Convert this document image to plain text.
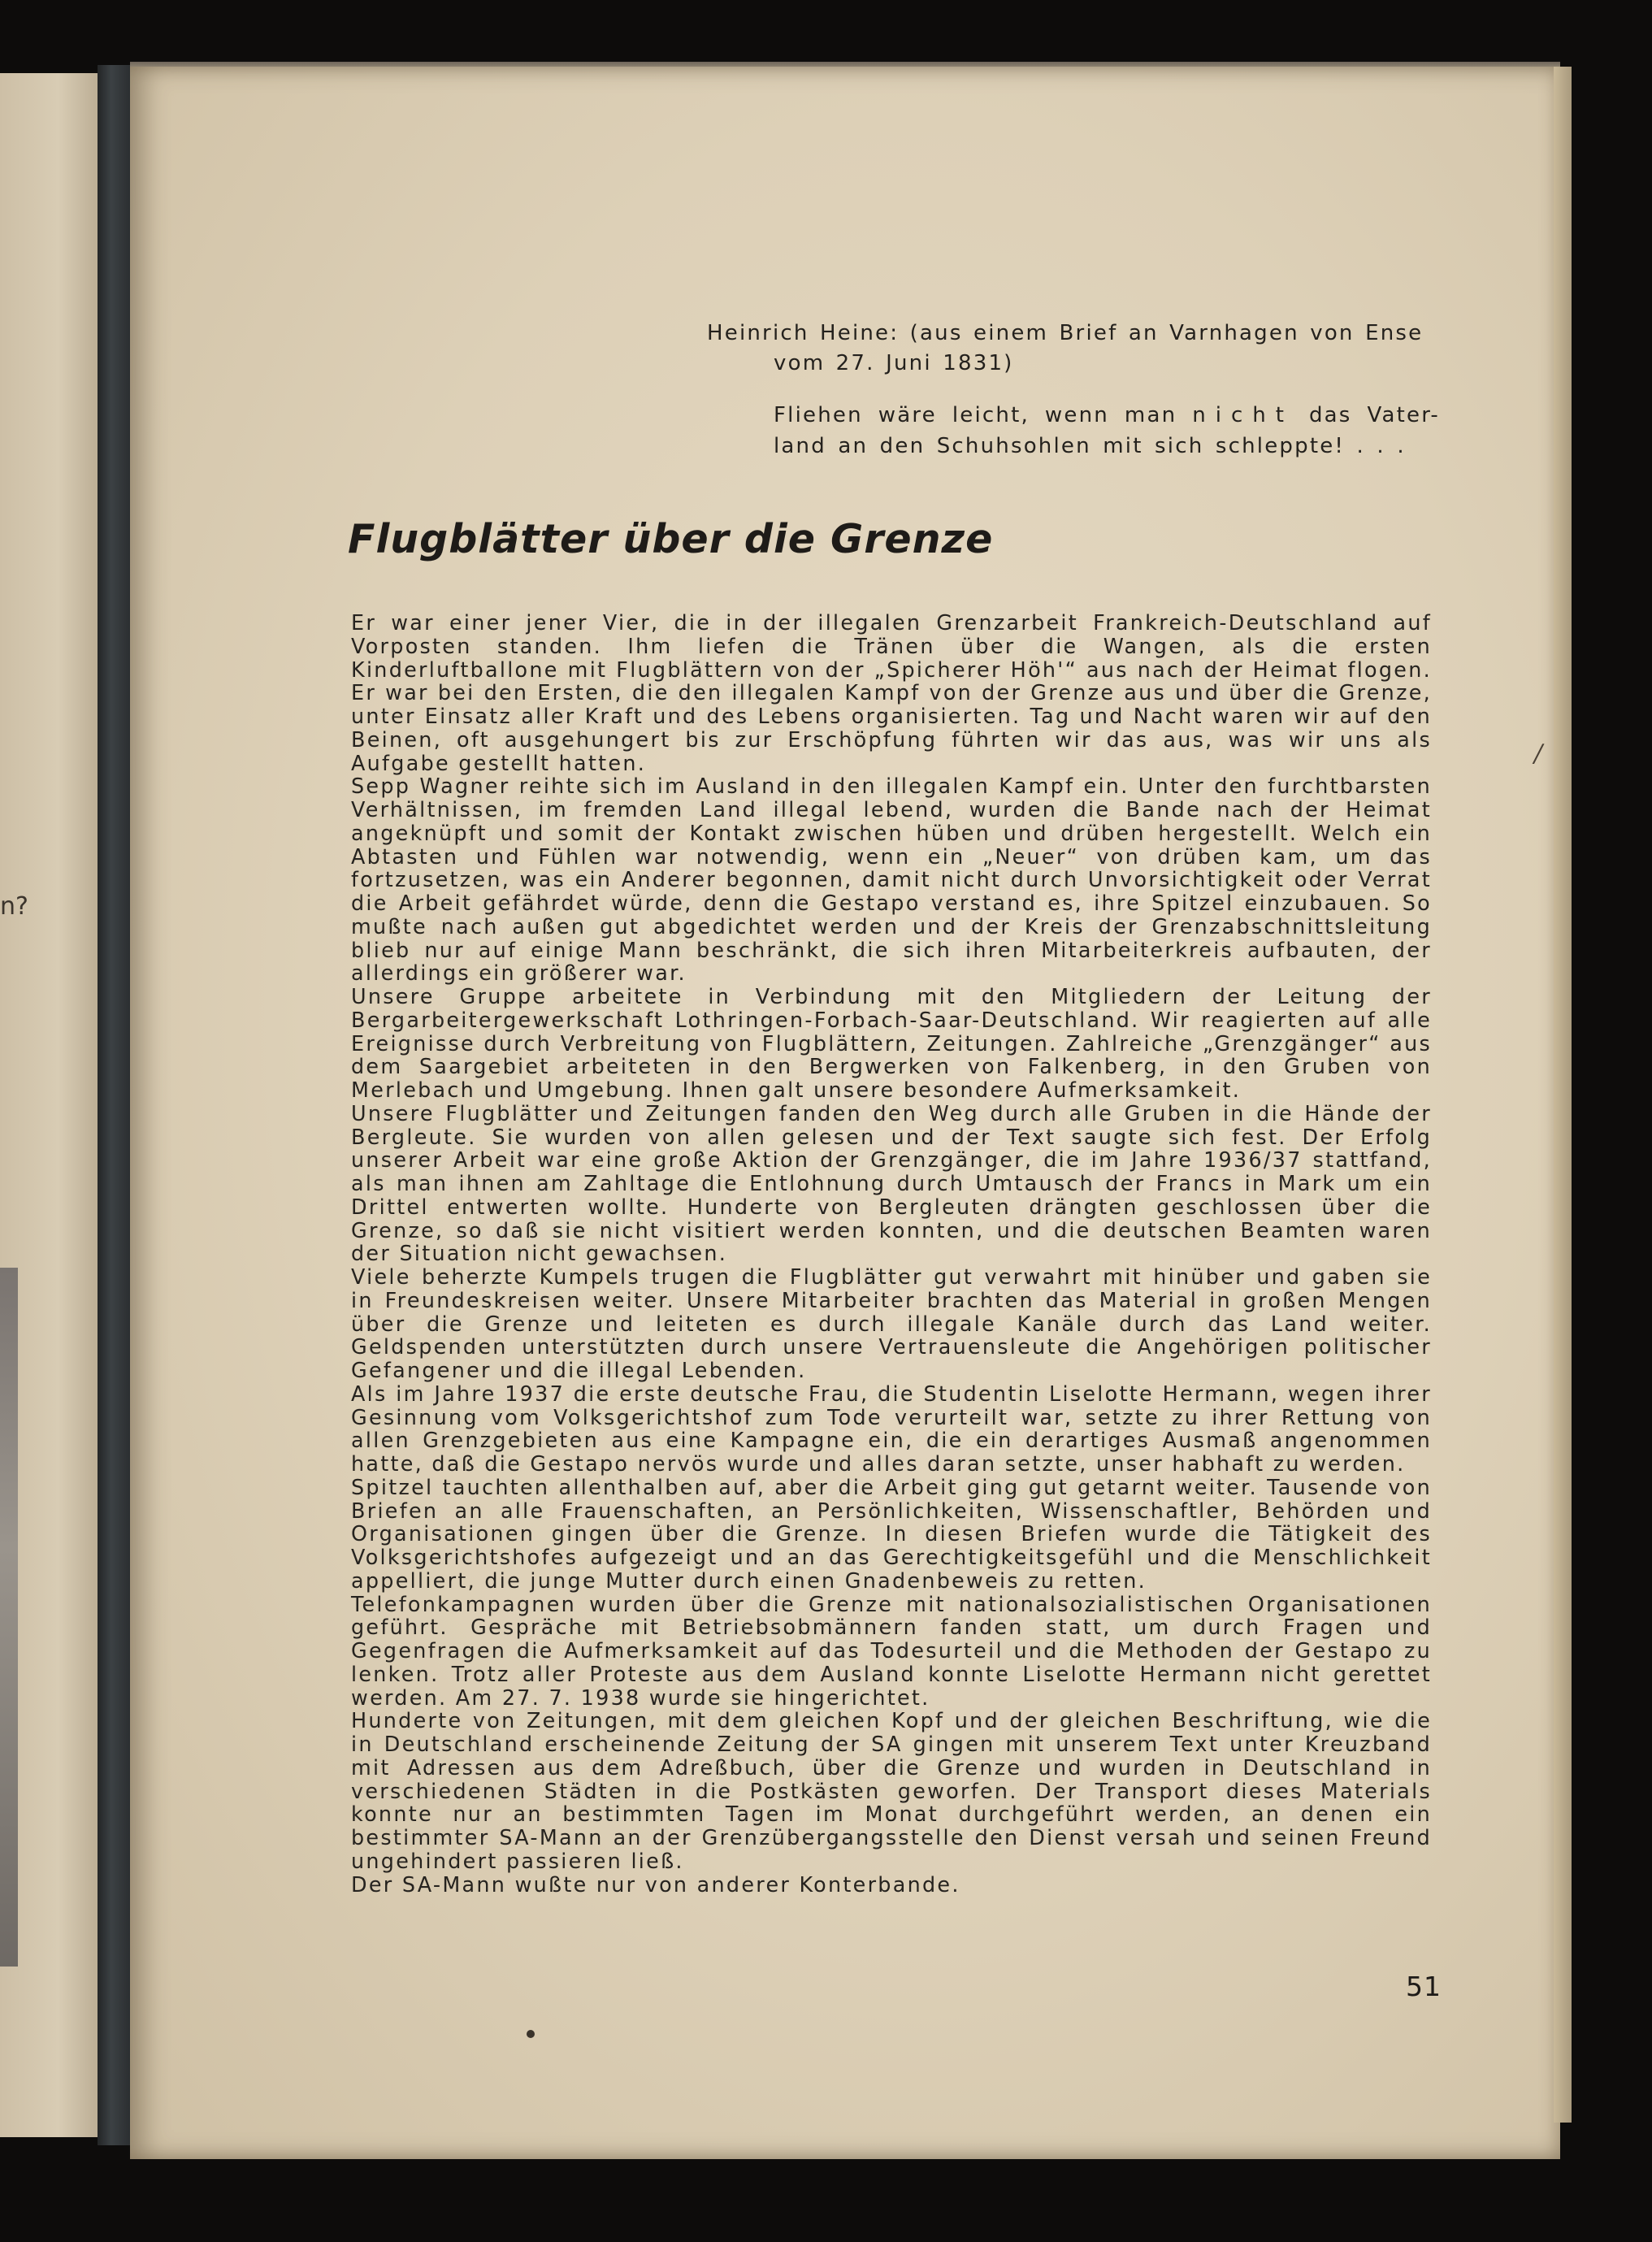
n?
Heinrich Heine: (aus einem Brief an Varnhagen von Ense
vom 27. Juni 1831)
Fliehen wäre leicht, wenn man nicht das Vater-
land an den Schuhsohlen mit sich schleppte! . . .
Flugblätter über die Grenze

Er war einer jener Vier, die in der illegalen Grenzarbeit Frankreich-Deutschland auf Vorposten standen. Ihm liefen die Tränen über die Wangen, als die ersten Kinderluftballone mit Flugblättern von der „Spicherer Höh'“ aus nach der Heimat flogen. Er war bei den Ersten, die den illegalen Kampf von der Grenze aus und über die Grenze, unter Einsatz aller Kraft und des Lebens organisierten. Tag und Nacht waren wir auf den Beinen, oft ausgehungert bis zur Erschöpfung führten wir das aus, was wir uns als Aufgabe gestellt hatten.

Sepp Wagner reihte sich im Ausland in den illegalen Kampf ein. Unter den furchtbarsten Verhältnissen, im fremden Land illegal lebend, wurden die Bande nach der Heimat angeknüpft und somit der Kontakt zwischen hüben und drüben hergestellt. Welch ein Abtasten und Fühlen war notwendig, wenn ein „Neuer“ von drüben kam, um das fortzusetzen, was ein Anderer begonnen, damit nicht durch Unvorsichtigkeit oder Verrat die Arbeit gefährdet würde, denn die Gestapo verstand es, ihre Spitzel einzubauen. So mußte nach außen gut abgedichtet werden und der Kreis der Grenzabschnittsleitung blieb nur auf einige Mann beschränkt, die sich ihren Mitarbeiterkreis aufbauten, der allerdings ein größerer war.

Unsere Gruppe arbeitete in Verbindung mit den Mitgliedern der Leitung der Bergarbeitergewerkschaft Lothringen-Forbach-Saar-Deutschland. Wir reagierten auf alle Ereignisse durch Verbreitung von Flugblättern, Zeitungen. Zahlreiche „Grenzgänger“ aus dem Saargebiet arbeiteten in den Bergwerken von Falkenberg, in den Gruben von Merlebach und Umgebung. Ihnen galt unsere besondere Aufmerksamkeit.

Unsere Flugblätter und Zeitungen fanden den Weg durch alle Gruben in die Hände der Bergleute. Sie wurden von allen gelesen und der Text saugte sich fest. Der Erfolg unserer Arbeit war eine große Aktion der Grenzgänger, die im Jahre 1936/37 stattfand, als man ihnen am Zahltage die Entlohnung durch Umtausch der Francs in Mark um ein Drittel entwerten wollte. Hunderte von Bergleuten drängten geschlossen über die Grenze, so daß sie nicht visitiert werden konnten, und die deutschen Beamten waren der Situation nicht gewachsen.

Viele beherzte Kumpels trugen die Flugblätter gut verwahrt mit hinüber und gaben sie in Freundeskreisen weiter. Unsere Mitarbeiter brachten das Material in großen Mengen über die Grenze und leiteten es durch illegale Kanäle durch das Land weiter. Geldspenden unterstützten durch unsere Vertrauensleute die Angehörigen politischer Gefangener und die illegal Lebenden.

Als im Jahre 1937 die erste deutsche Frau, die Studentin Liselotte Hermann, wegen ihrer Gesinnung vom Volksgerichtshof zum Tode verurteilt war, setzte zu ihrer Rettung von allen Grenzgebieten aus eine Kampagne ein, die ein derartiges Ausmaß angenommen hatte, daß die Gestapo nervös wurde und alles daran setzte, unser habhaft zu werden.

Spitzel tauchten allenthalben auf, aber die Arbeit ging gut getarnt weiter. Tausende von Briefen an alle Frauenschaften, an Persönlichkeiten, Wissenschaftler, Behörden und Organisationen gingen über die Grenze. In diesen Briefen wurde die Tätigkeit des Volksgerichtshofes aufgezeigt und an das Gerechtigkeitsgefühl und die Menschlichkeit appelliert, die junge Mutter durch einen Gnadenbeweis zu retten.

Telefonkampagnen wurden über die Grenze mit nationalsozialistischen Organisationen geführt. Gespräche mit Betriebsobmännern fanden statt, um durch Fragen und Gegenfragen die Aufmerksamkeit auf das Todesurteil und die Methoden der Gestapo zu lenken. Trotz aller Proteste aus dem Ausland konnte Liselotte Hermann nicht gerettet werden. Am 27. 7. 1938 wurde sie hingerichtet.

Hunderte von Zeitungen, mit dem gleichen Kopf und der gleichen Beschriftung, wie die in Deutschland erscheinende Zeitung der SA gingen mit unserem Text unter Kreuzband mit Adressen aus dem Adreßbuch, über die Grenze und wurden in Deutschland in verschiedenen Städten in die Postkästen geworfen. Der Transport dieses Materials konnte nur an bestimmten Tagen im Monat durchgeführt werden, an denen ein bestimmter SA-Mann an der Grenzübergangsstelle den Dienst versah und seinen Freund ungehindert passieren ließ.

Der SA-Mann wußte nur von anderer Konterbande.

51
/
